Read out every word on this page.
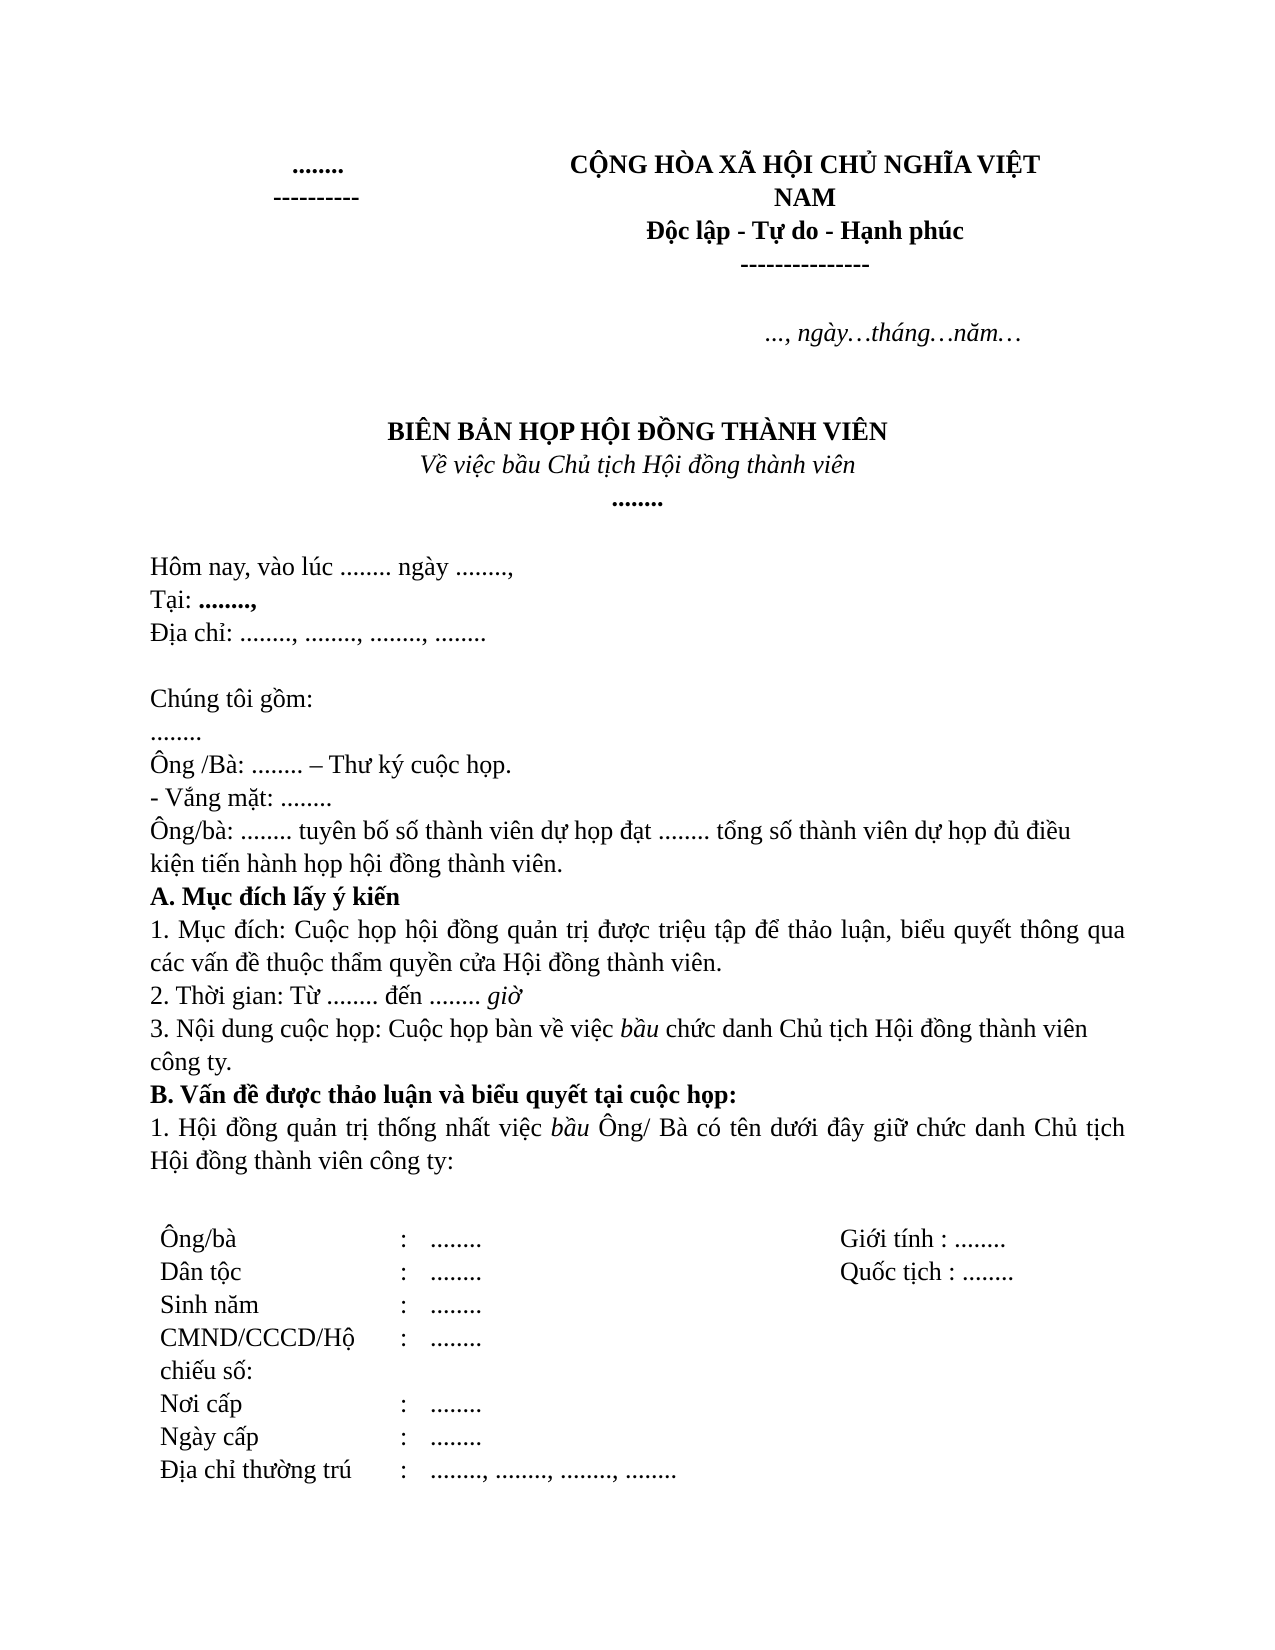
........
----------
CỘNG HÒA XÃ HỘI CHỦ NGHĨA VIỆT
NAM
Độc lập - Tự do - Hạnh phúc
---------------
..., ngày…tháng…năm…
BIÊN BẢN HỌP HỘI ĐỒNG THÀNH VIÊN
Về việc bầu Chủ tịch Hội đồng thành viên
........
Hôm nay, vào lúc ........ ngày ........,
Tại: ........,
Địa chỉ: ........, ........, ........, ........
Chúng tôi gồm:
........
Ông /Bà: ........ – Thư ký cuộc họp.
- Vắng mặt: ........
Ông/bà: ........ tuyên bố số thành viên dự họp đạt ........ tổng số thành viên dự họp đủ điều kiện tiến hành họp hội đồng thành viên.
A. Mục đích lấy ý kiến
1. Mục đích: Cuộc họp hội đồng quản trị được triệu tập để thảo luận, biểu quyết thông qua các vấn đề thuộc thẩm quyền cửa Hội đồng thành viên.
2. Thời gian: Từ ........ đến ........ giờ
3. Nội dung cuộc họp: Cuộc họp bàn về việc bầu chức danh Chủ tịch Hội đồng thành viên công ty.
B. Vấn đề được thảo luận và biểu quyết tại cuộc họp:
1. Hội đồng quản trị thống nhất việc bầu Ông/ Bà có tên dưới đây giữ chức danh Chủ tịch Hội đồng thành viên công ty:
Ông/bà	:	........	Giới tính : ........
Dân tộc	:	........	Quốc tịch : ........
Sinh năm	:	........	
CMND/CCCD/Hộ chiếu số:	:	........	
Nơi cấp	:	........	
Ngày cấp	:	........	
Địa chỉ thường trú	:	........, ........, ........, ........	
